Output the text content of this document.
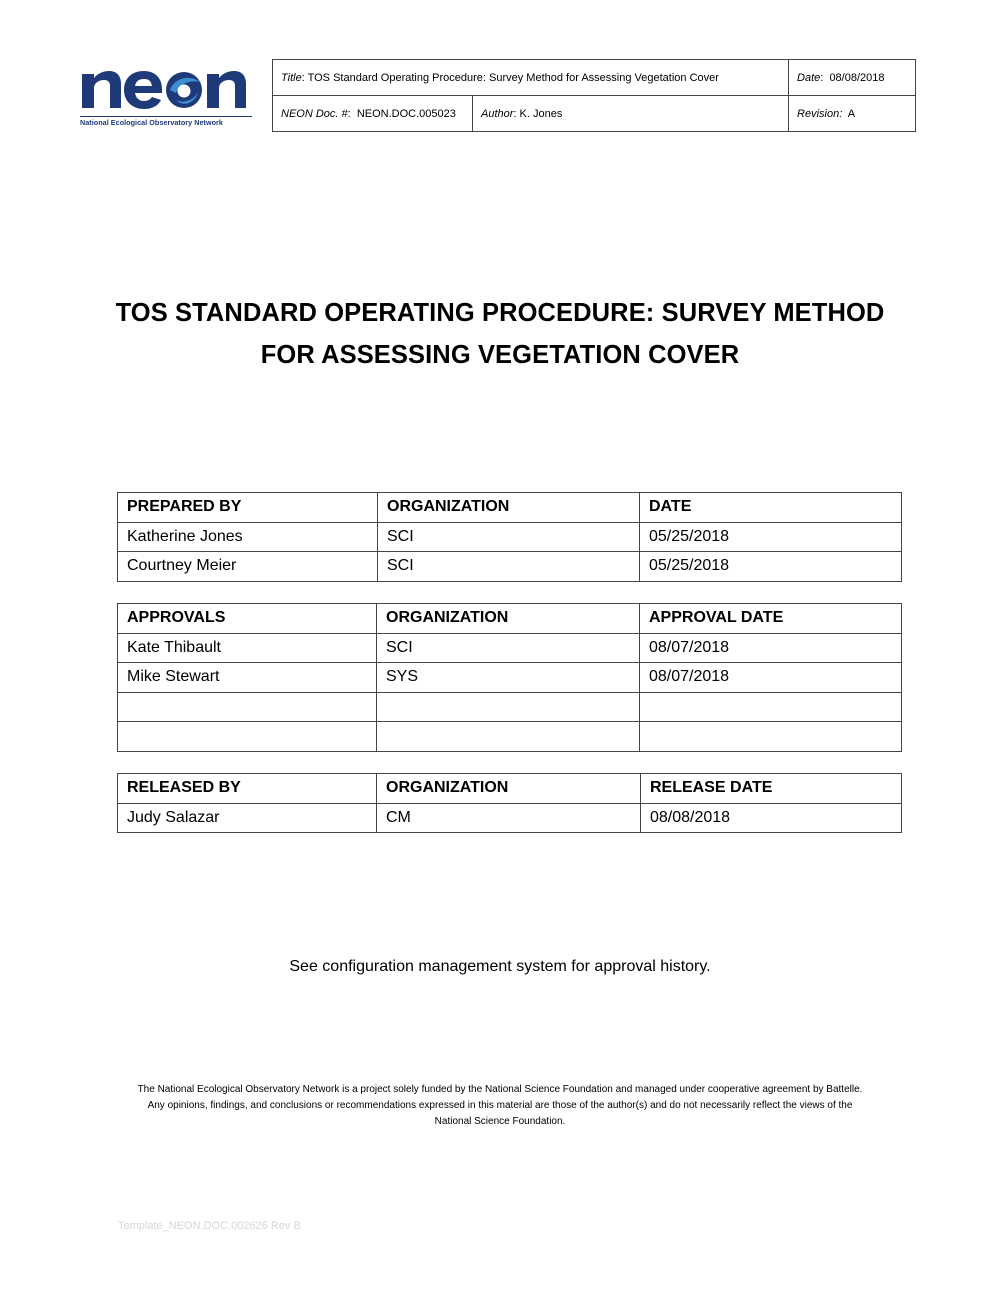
National Ecological Observatory Network
Title: TOS Standard Operating Procedure: Survey Method for Assessing Vegetation Cover		Date:  08/08/2018
NEON Doc. #:  NEON.DOC.005023	Author: K. Jones	Revision: A
TOS STANDARD OPERATING PROCEDURE: SURVEY METHOD
FOR ASSESSING VEGETATION COVER
PREPARED BY	ORGANIZATION	DATE
Katherine Jones	SCI	05/25/2018
Courtney Meier	SCI	05/25/2018
APPROVALS	ORGANIZATION	APPROVAL DATE
Kate Thibault	SCI	08/07/2018
Mike Stewart	SYS	08/07/2018

RELEASED BY	ORGANIZATION	RELEASE DATE
Judy Salazar	CM	08/08/2018
See configuration management system for approval history.
The National Ecological Observatory Network is a project solely funded by the National Science Foundation and managed under cooperative agreement by Battelle.
Any opinions, findings, and conclusions or recommendations expressed in this material are those of the author(s) and do not necessarily reflect the views of the
National Science Foundation.
Template_NEON.DOC.002626 Rev B
